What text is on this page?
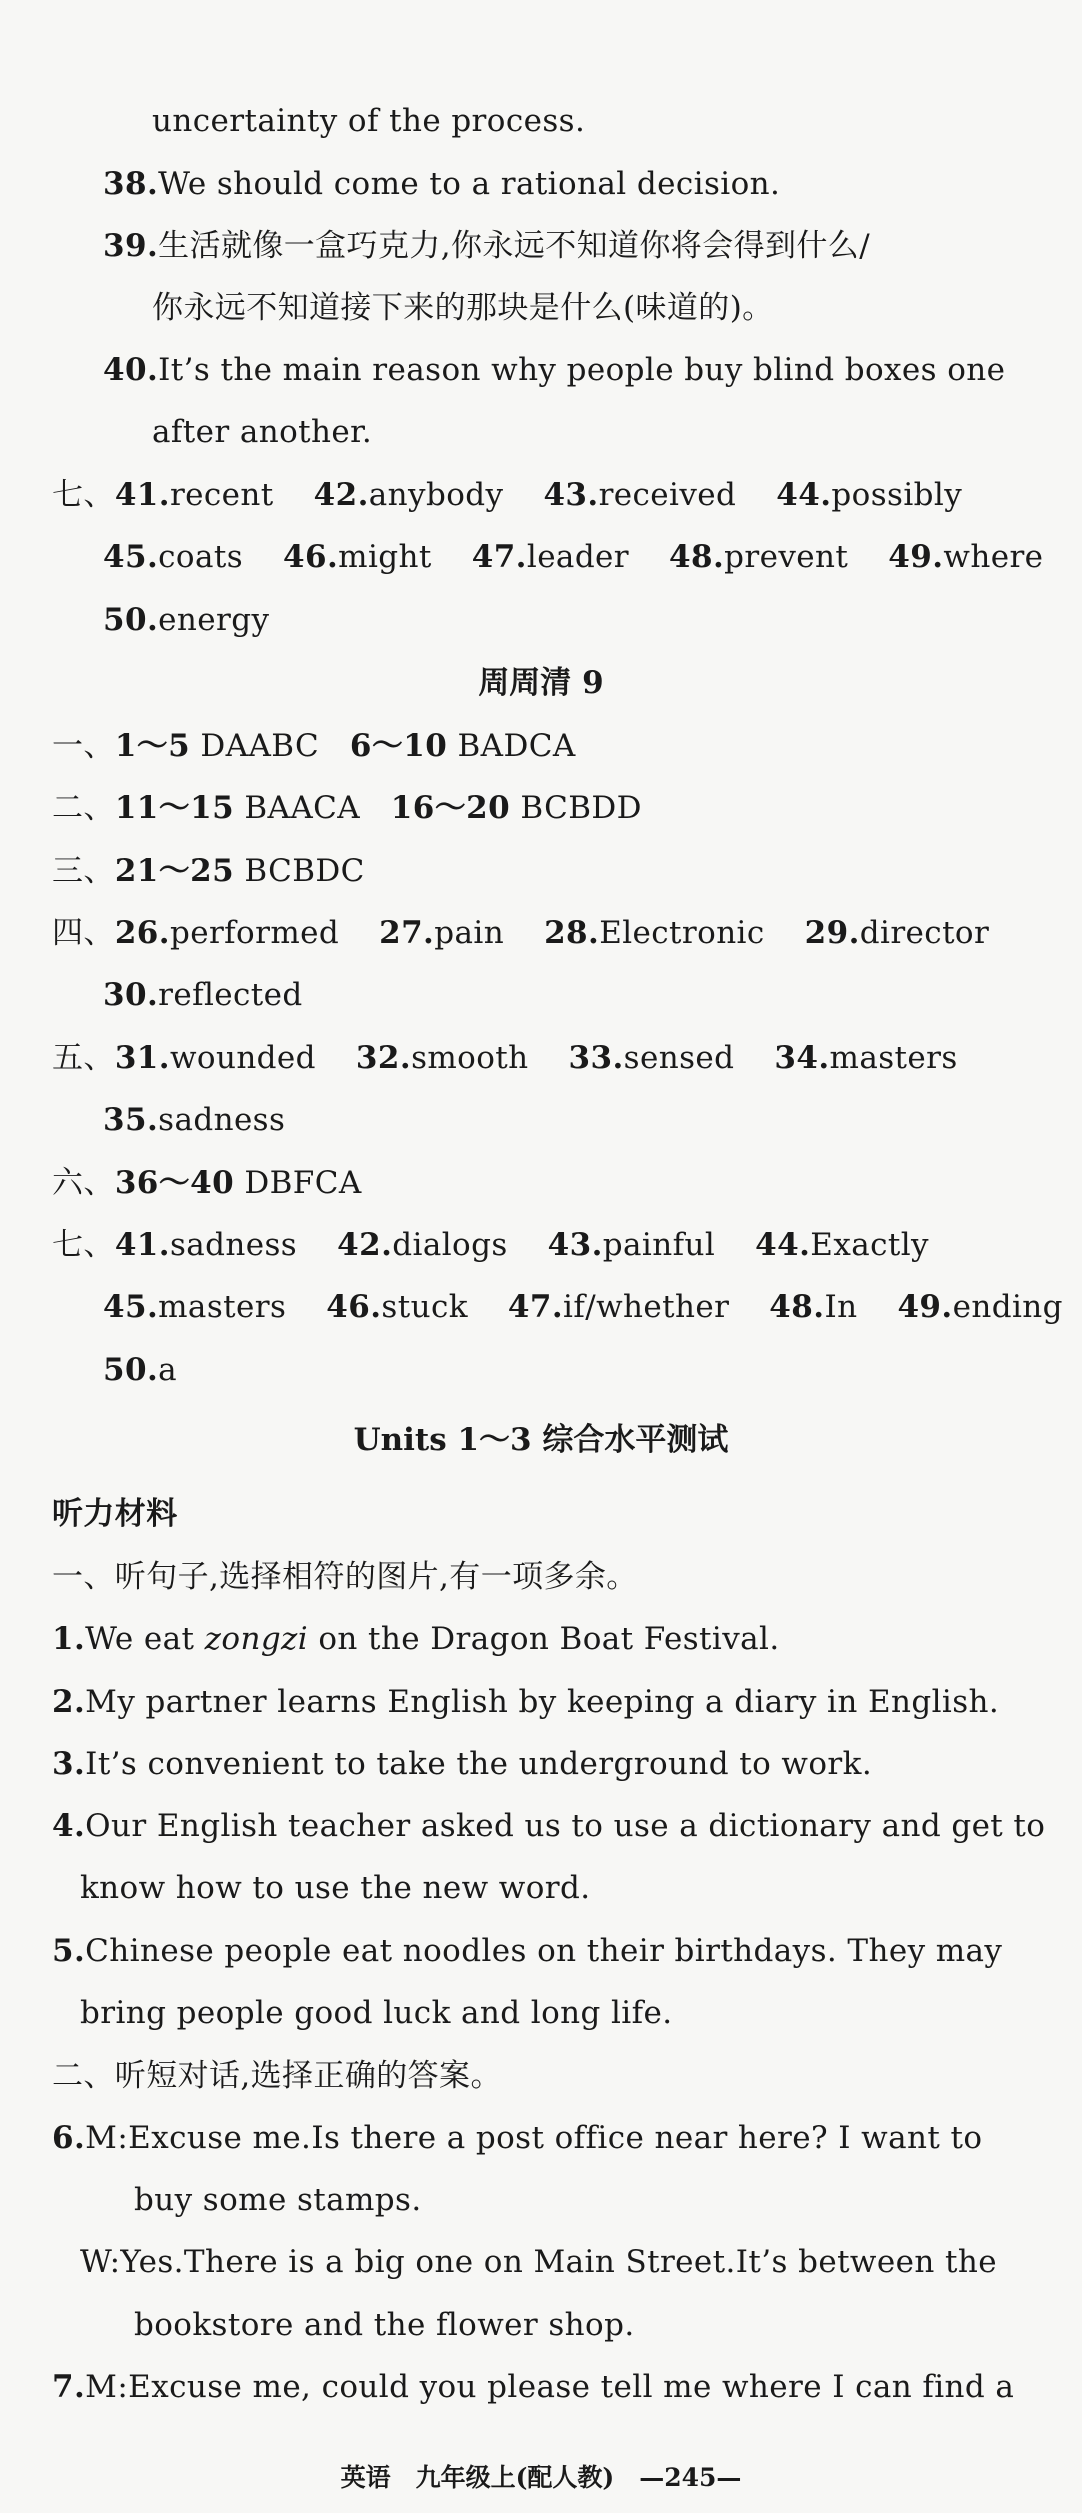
uncertainty of the process.
38.We should come to a rational decision.
39.生活就像一盒巧克力,你永远不知道你将会得到什么/
你永远不知道接下来的那块是什么(味道的)。
40.It’s the main reason why people buy blind boxes one
after another.
七、41.recent 42.anybody 43.received 44.possibly
45.coats 46.might 47.leader 48.prevent 49.where
50.energy
周周清 9
一、1～5 DAABC 6～10 BADCA
二、11～15 BAACA 16～20 BCBDD
三、21～25 BCBDC
四、26.performed 27.pain 28.Electronic 29.director
30.reflected
五、31.wounded 32.smooth 33.sensed 34.masters
35.sadness
六、36～40 DBFCA
七、41.sadness 42.dialogs 43.painful 44.Exactly
45.masters 46.stuck 47.if/whether 48.In 49.ending
50.a
Units 1～3 综合水平测试
听力材料
一、听句子,选择相符的图片,有一项多余。
1.We eat zongzi on the Dragon Boat Festival.
2.My partner learns English by keeping a diary in English.
3.It’s convenient to take the underground to work.
4.Our English teacher asked us to use a dictionary and get to
know how to use the new word.
5.Chinese people eat noodles on their birthdays. They may
bring people good luck and long life.
二、听短对话,选择正确的答案。
6.M:Excuse me.Is there a post office near here? I want to
buy some stamps.
W:Yes.There is a big one on Main Street.It’s between the
bookstore and the flower shop.
7.M:Excuse me, could you please tell me where I can find a
英语　九年级上(配人教)　—245—
